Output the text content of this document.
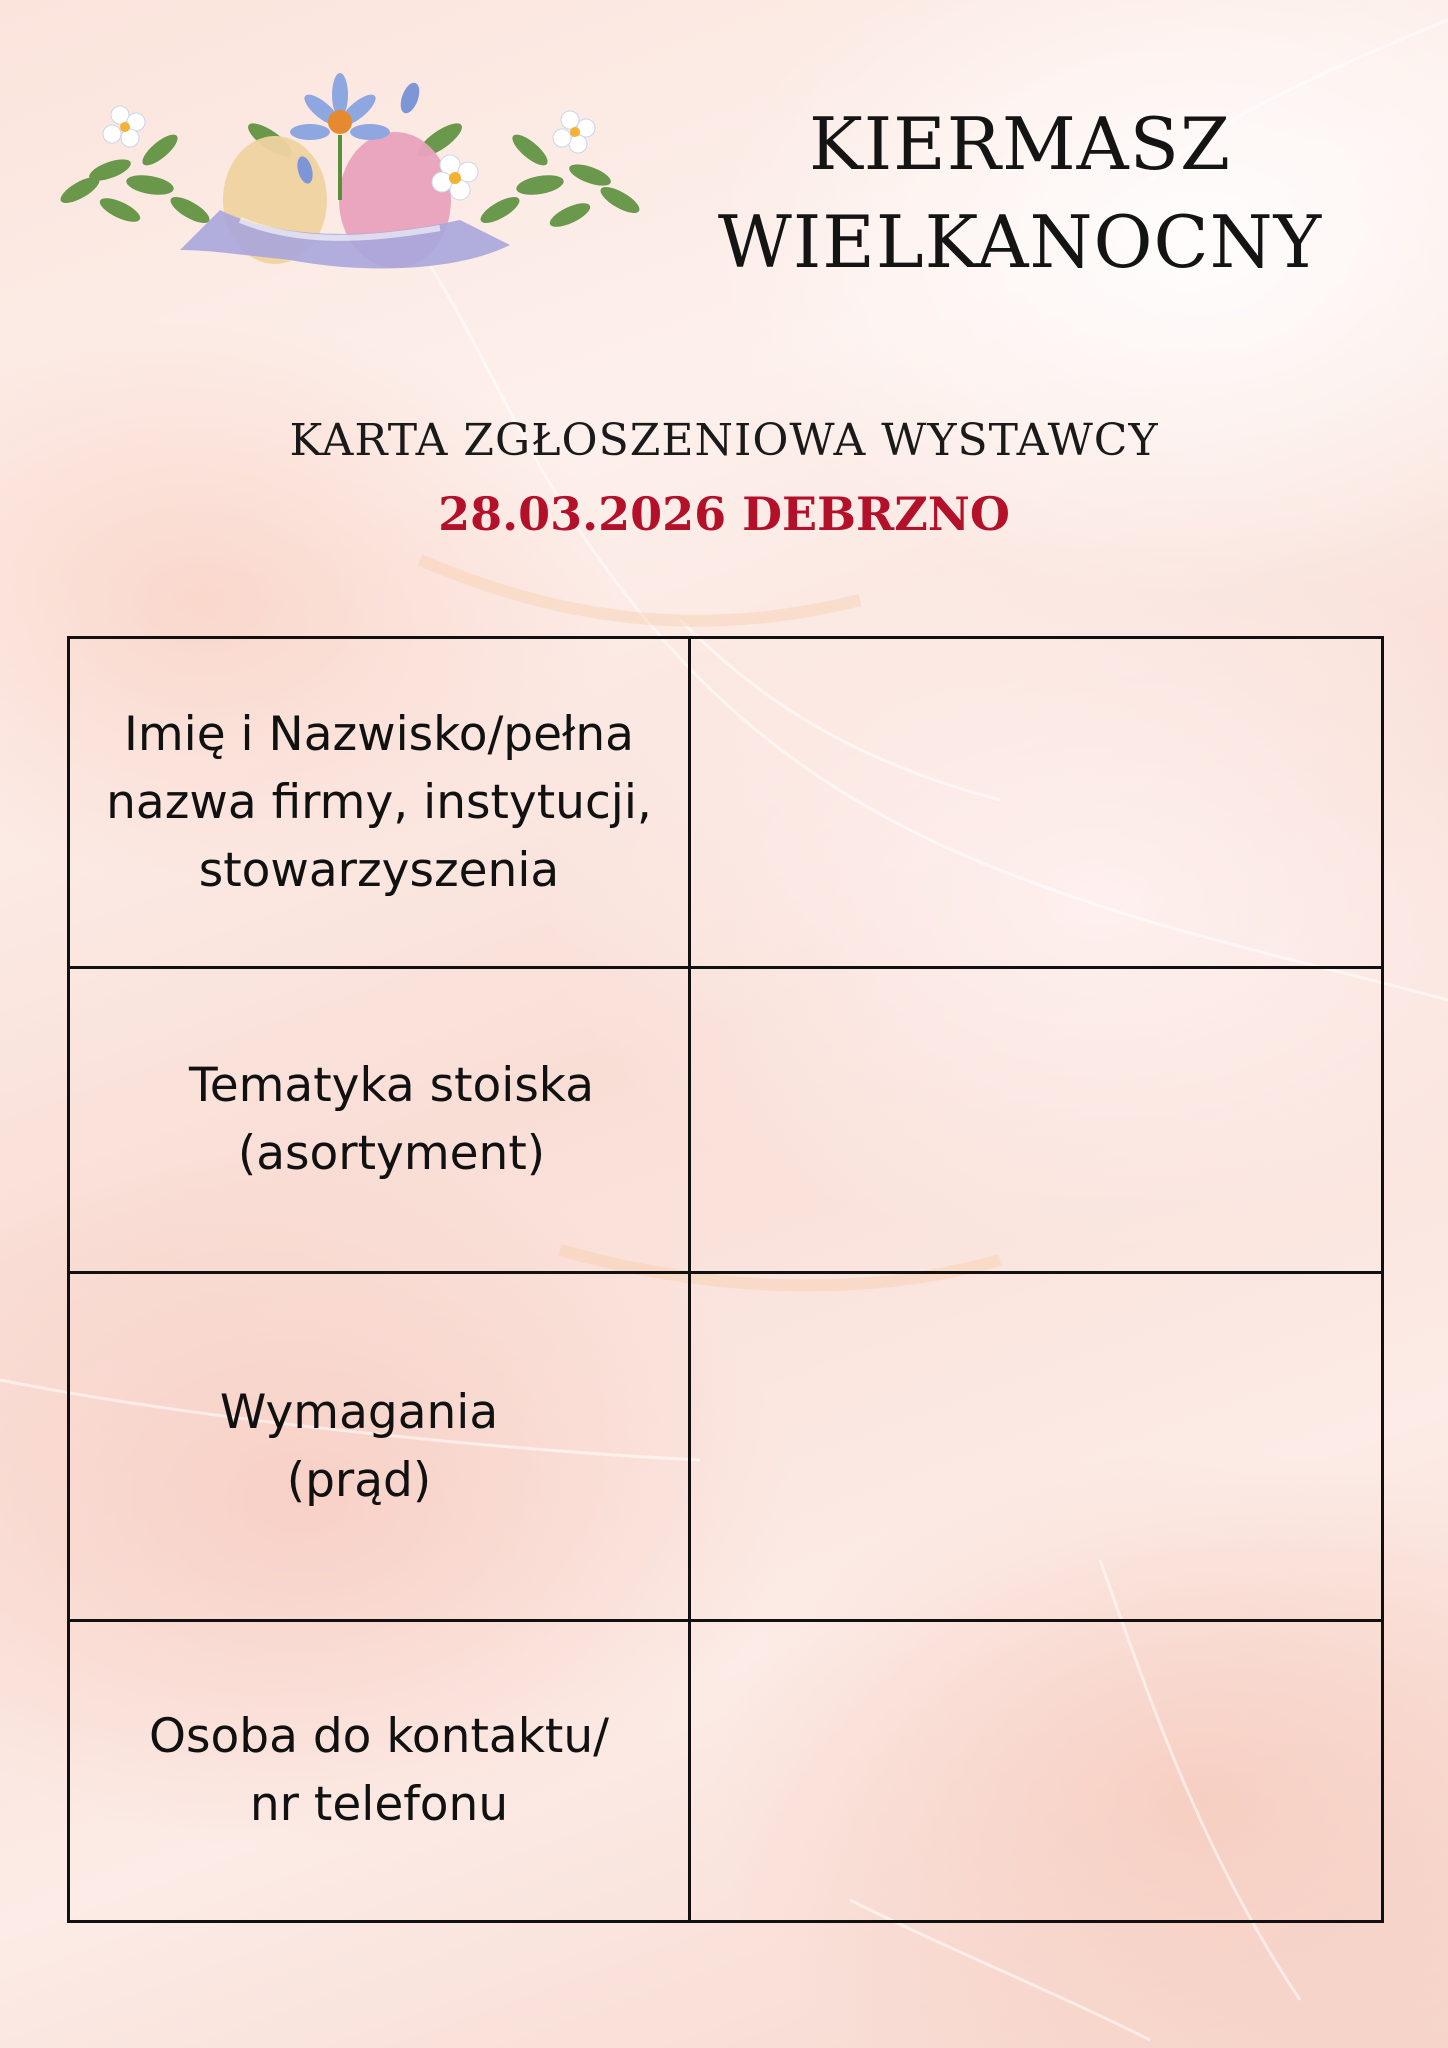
KIERMASZ
WIELKANOCNY
KARTA ZGŁOSZENIOWA WYSTAWCY
28.03.2026 DEBRZNO
Imię i Nazwisko/pełna nazwa firmy, instytucji, stowarzyszenia	

Tematyka stoiska
(asortyment)	

Wymagania
(prąd)	

Osoba do kontaktu/
nr telefonu	
